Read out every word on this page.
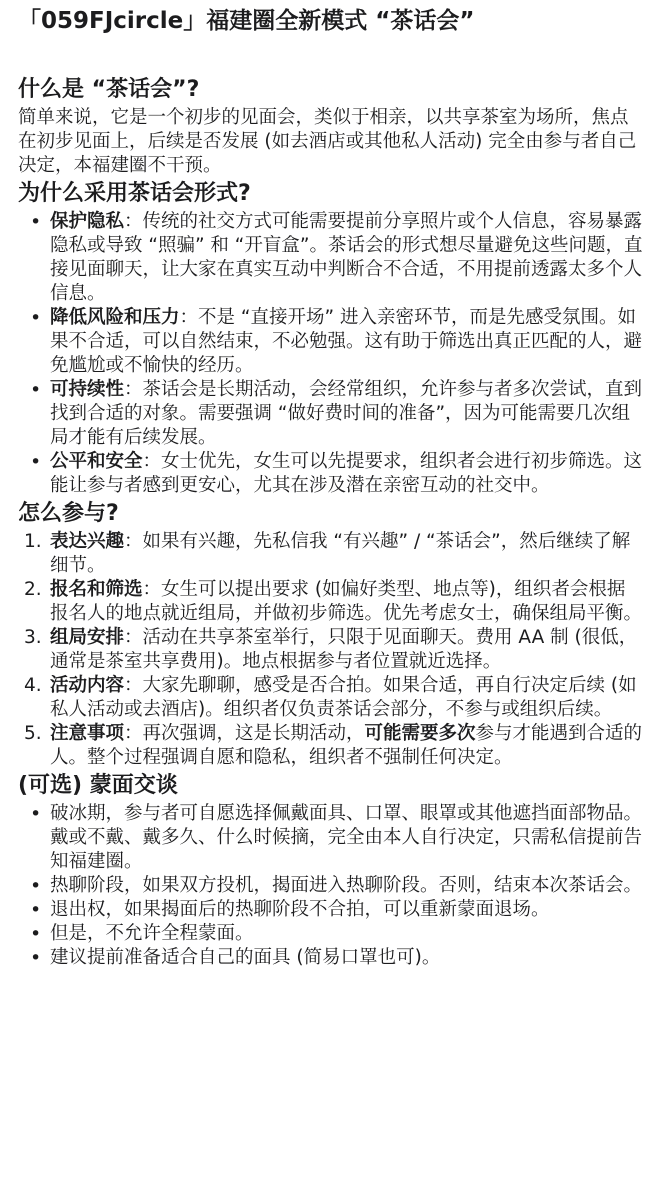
「059FJcircle」福建圈全新模式 “茶话会”
什么是 “茶话会”?

简单来说，它是一个初步的见面会，类似于相亲，以共享茶室为场所，焦点在初步见面上，后续是否发展 (如去酒店或其他私人活动) 完全由参与者自己决定，本福建圈不干预。

为什么采用茶话会形式?
• 保护隐私：传统的社交方式可能需要提前分享照片或个人信息，容易暴露隐私或导致 “照骗” 和 “开盲盒”。茶话会的形式想尽量避免这些问题，直接见面聊天，让大家在真实互动中判断合不合适，不用提前透露太多个人信息。
• 降低风险和压力：不是 “直接开场” 进入亲密环节，而是先感受氛围。如果不合适，可以自然结束，不必勉强。这有助于筛选出真正匹配的人，避免尴尬或不愉快的经历。
• 可持续性：茶话会是长期活动，会经常组织，允许参与者多次尝试，直到找到合适的对象。需要强调 “做好费时间的准备”，因为可能需要几次组局才能有后续发展。
• 公平和安全：女士优先，女生可以先提要求，组织者会进行初步筛选。这能让参与者感到更安心，尤其在涉及潜在亲密互动的社交中。
怎么参与?
1. 表达兴趣：如果有兴趣，先私信我 “有兴趣” / “茶话会”，然后继续了解细节。
2. 报名和筛选：女生可以提出要求 (如偏好类型、地点等)，组织者会根据报名人的地点就近组局，并做初步筛选。优先考虑女士，确保组局平衡。
3. 组局安排：活动在共享茶室举行，只限于见面聊天。费用 AA 制 (很低，通常是茶室共享费用)。地点根据参与者位置就近选择。
4. 活动内容：大家先聊聊，感受是否合拍。如果合适，再自行决定后续 (如私人活动或去酒店)。组织者仅负责茶话会部分，不参与或组织后续。
5. 注意事项：再次强调，这是长期活动，可能需要多次参与才能遇到合适的人。整个过程强调自愿和隐私，组织者不强制任何决定。
(可选) 蒙面交谈
• 破冰期，参与者可自愿选择佩戴面具、口罩、眼罩或其他遮挡面部物品。戴或不戴、戴多久、什么时候摘，完全由本人自行决定，只需私信提前告知福建圈。
• 热聊阶段，如果双方投机，揭面进入热聊阶段。否则，结束本次茶话会。
• 退出权，如果揭面后的热聊阶段不合拍，可以重新蒙面退场。
• 但是，不允许全程蒙面。
• 建议提前准备适合自己的面具 (简易口罩也可)。
